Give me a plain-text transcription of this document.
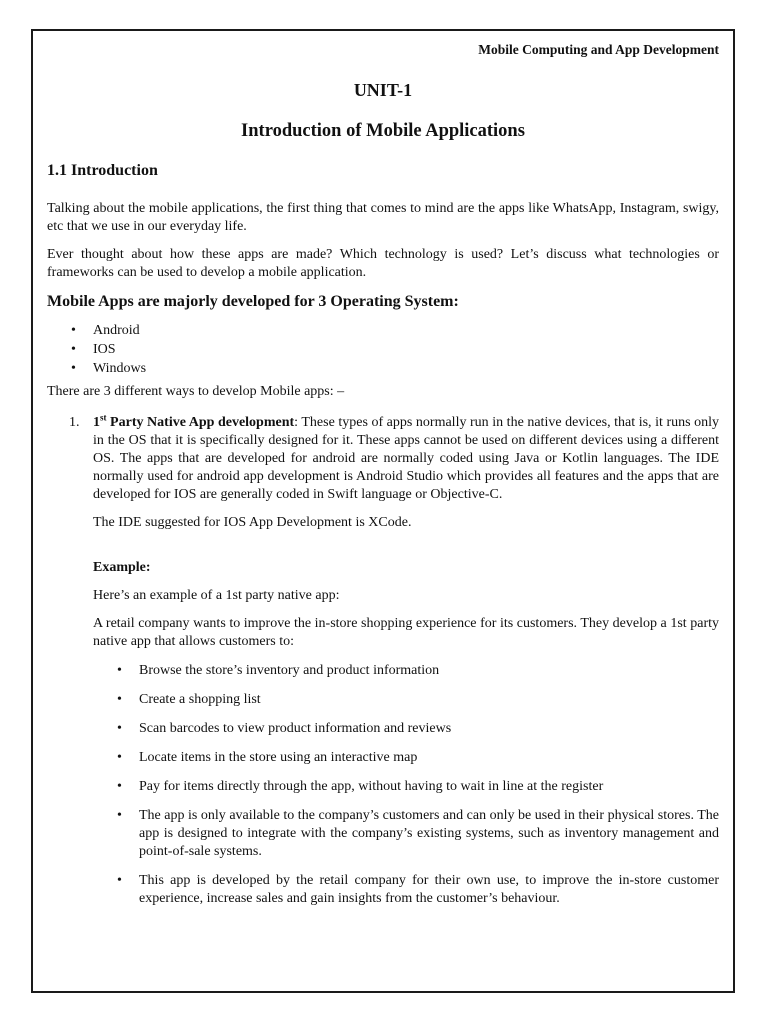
Mobile Computing and App Development
UNIT-1
Introduction of Mobile Applications
1.1 Introduction

Talking about the mobile applications, the first thing that comes to mind are the apps like WhatsApp, Instagram, swigy, etc that we use in our everyday life.

Ever thought about how these apps are made? Which technology is used? Let’s discuss what technologies or frameworks can be used to develop a mobile application.

Mobile Apps are majorly developed for 3 Operating System:
• Android
• IOS
• Windows

There are 3 different ways to develop Mobile apps: –

1. 1st Party Native App development: These types of apps normally run in the native devices, that is, it runs only in the OS that it is specifically designed for it. These apps cannot be used on different devices using a different OS. The apps that are developed for android are normally coded using Java or Kotlin languages. The IDE normally used for android app development is Android Studio which provides all features and the apps that are developed for IOS are generally coded in Swift language or Objective-C.

The IDE suggested for IOS App Development is XCode.

Example:

Here’s an example of a 1st party native app:

A retail company wants to improve the in-store shopping experience for its customers. They develop a 1st party native app that allows customers to:

• Browse the store’s inventory and product information
• Create a shopping list
• Scan barcodes to view product information and reviews
• Locate items in the store using an interactive map
• Pay for items directly through the app, without having to wait in line at the register
• The app is only available to the company’s customers and can only be used in their physical stores. The app is designed to integrate with the company’s existing systems, such as inventory management and point-of-sale systems.
• This app is developed by the retail company for their own use, to improve the in-store customer experience, increase sales and gain insights from the customer’s behaviour.
